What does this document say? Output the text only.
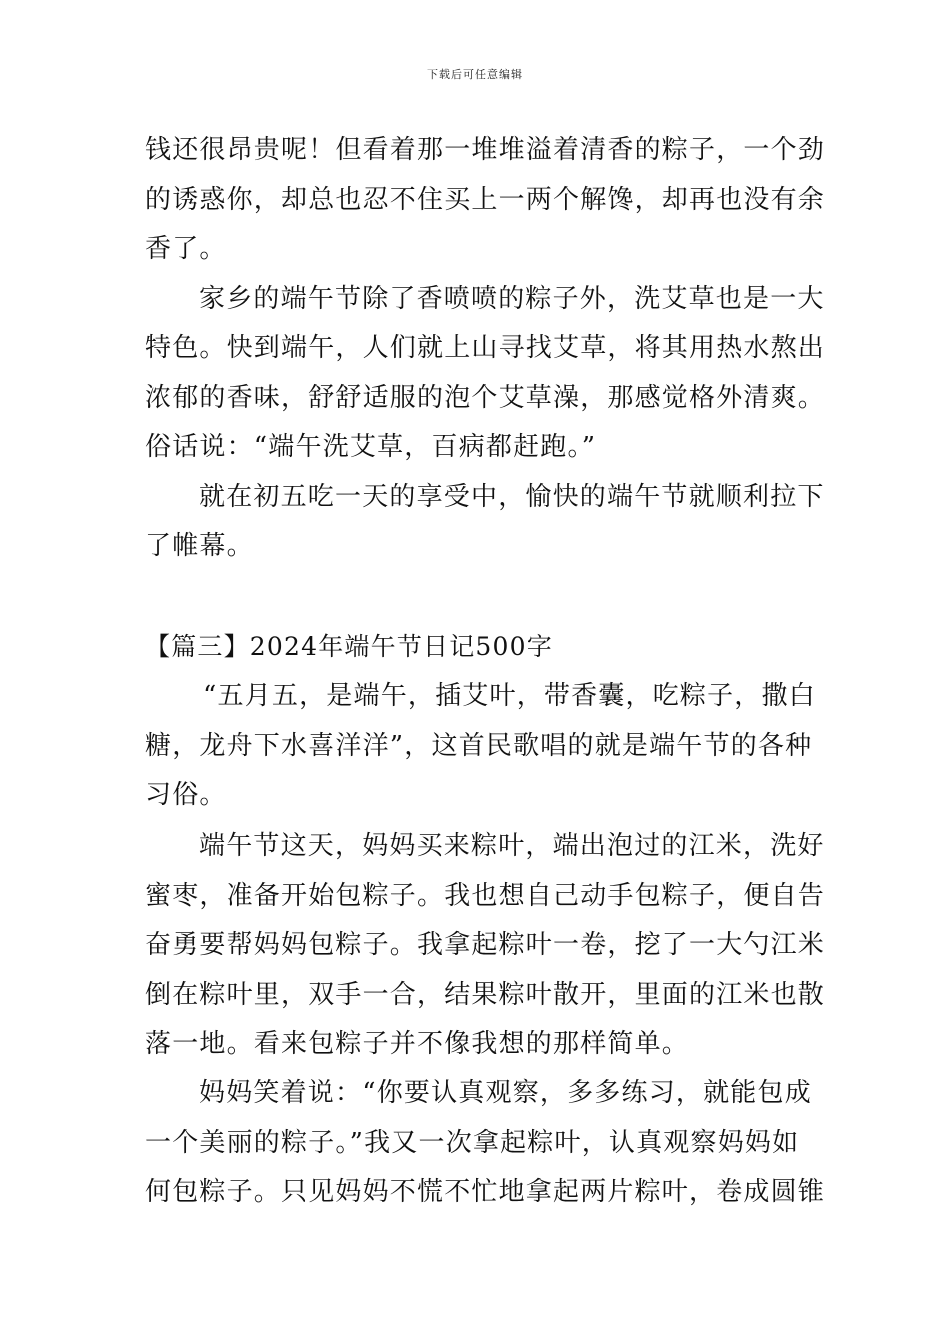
下载后可任意编辑
钱还很昂贵呢！但看着那一堆堆溢着清香的粽子，一个劲
的诱惑你，却总也忍不住买上一两个解馋，却再也没有余
香了。
家乡的端午节除了香喷喷的粽子外，洗艾草也是一大
特色。快到端午，人们就上山寻找艾草，将其用热水熬出
浓郁的香味，舒舒适服的泡个艾草澡，那感觉格外清爽。
俗话说：“端午洗艾草，百病都赶跑。”
就在初五吃一天的享受中，愉快的端午节就顺利拉下
了帷幕。
【篇三】2024年端午节日记500字
“五月五，是端午，插艾叶，带香囊，吃粽子，撒白
糖，龙舟下水喜洋洋”，这首民歌唱的就是端午节的各种
习俗。
端午节这天，妈妈买来粽叶，端出泡过的江米，洗好
蜜枣，准备开始包粽子。我也想自己动手包粽子，便自告
奋勇要帮妈妈包粽子。我拿起粽叶一卷，挖了一大勺江米
倒在粽叶里，双手一合，结果粽叶散开，里面的江米也散
落一地。看来包粽子并不像我想的那样简单。
妈妈笑着说：“你要认真观察，多多练习，就能包成
一个美丽的粽子。”我又一次拿起粽叶，认真观察妈妈如
何包粽子。只见妈妈不慌不忙地拿起两片粽叶，卷成圆锥
